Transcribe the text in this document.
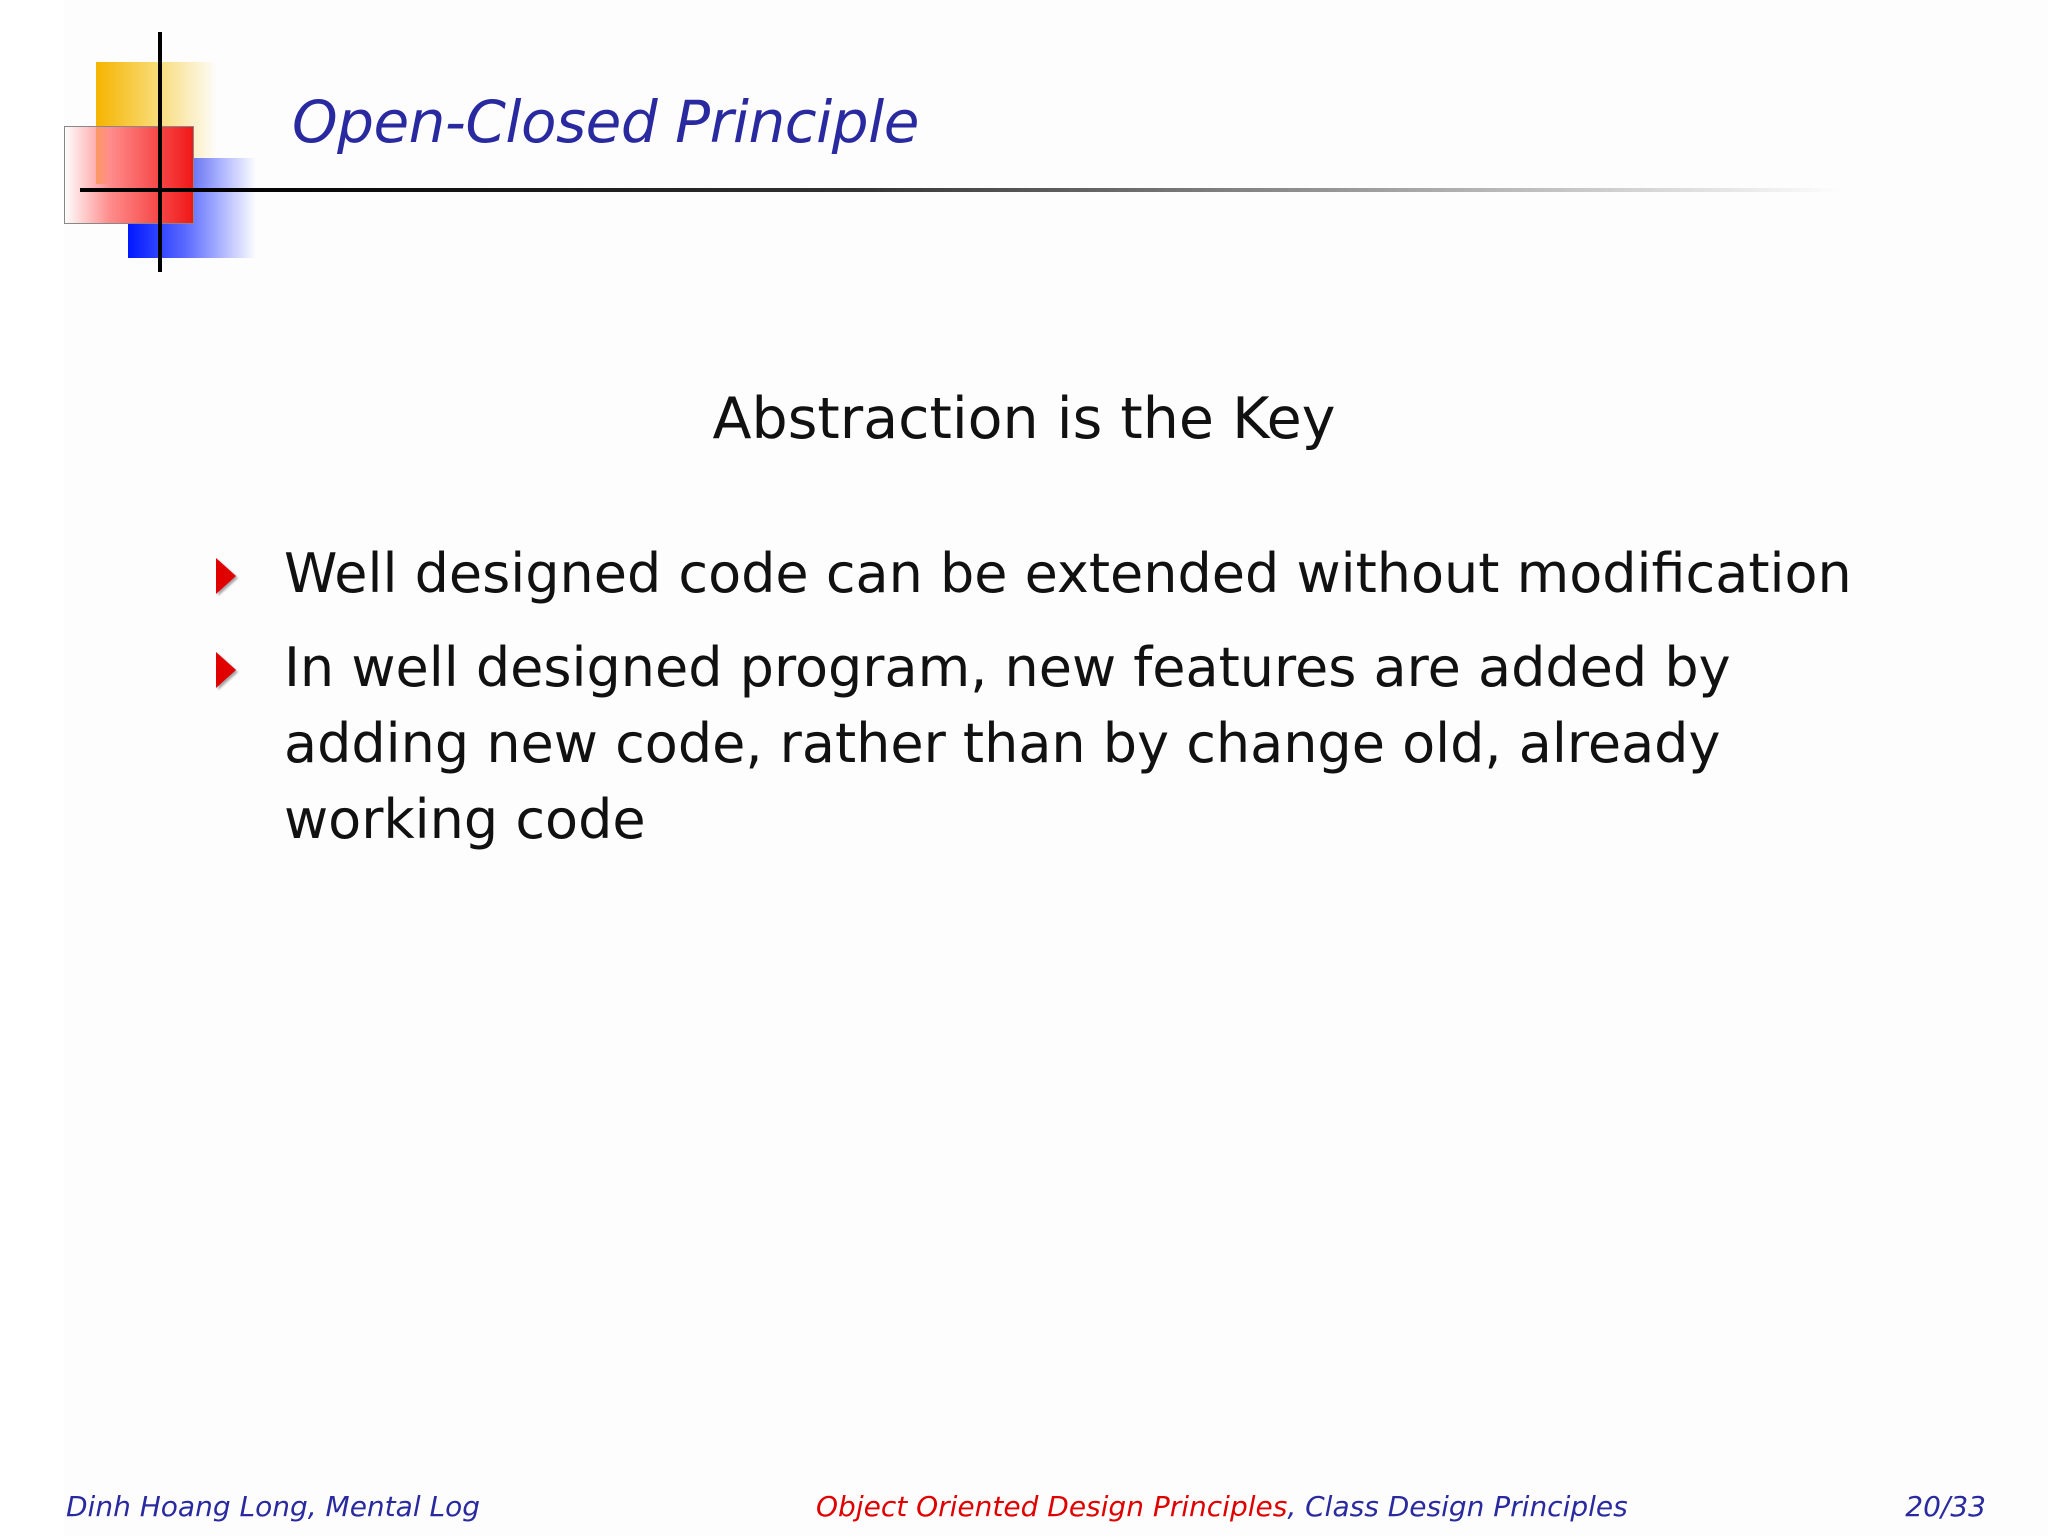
Open-Closed Principle
Abstraction is the Key
Well designed code can be extended without modification
In well designed program, new features are added by adding new code, rather than by change old, already working code
Dinh Hoang Long, Mental Log	Object Oriented Design Principles, Class Design Principles	20/33
